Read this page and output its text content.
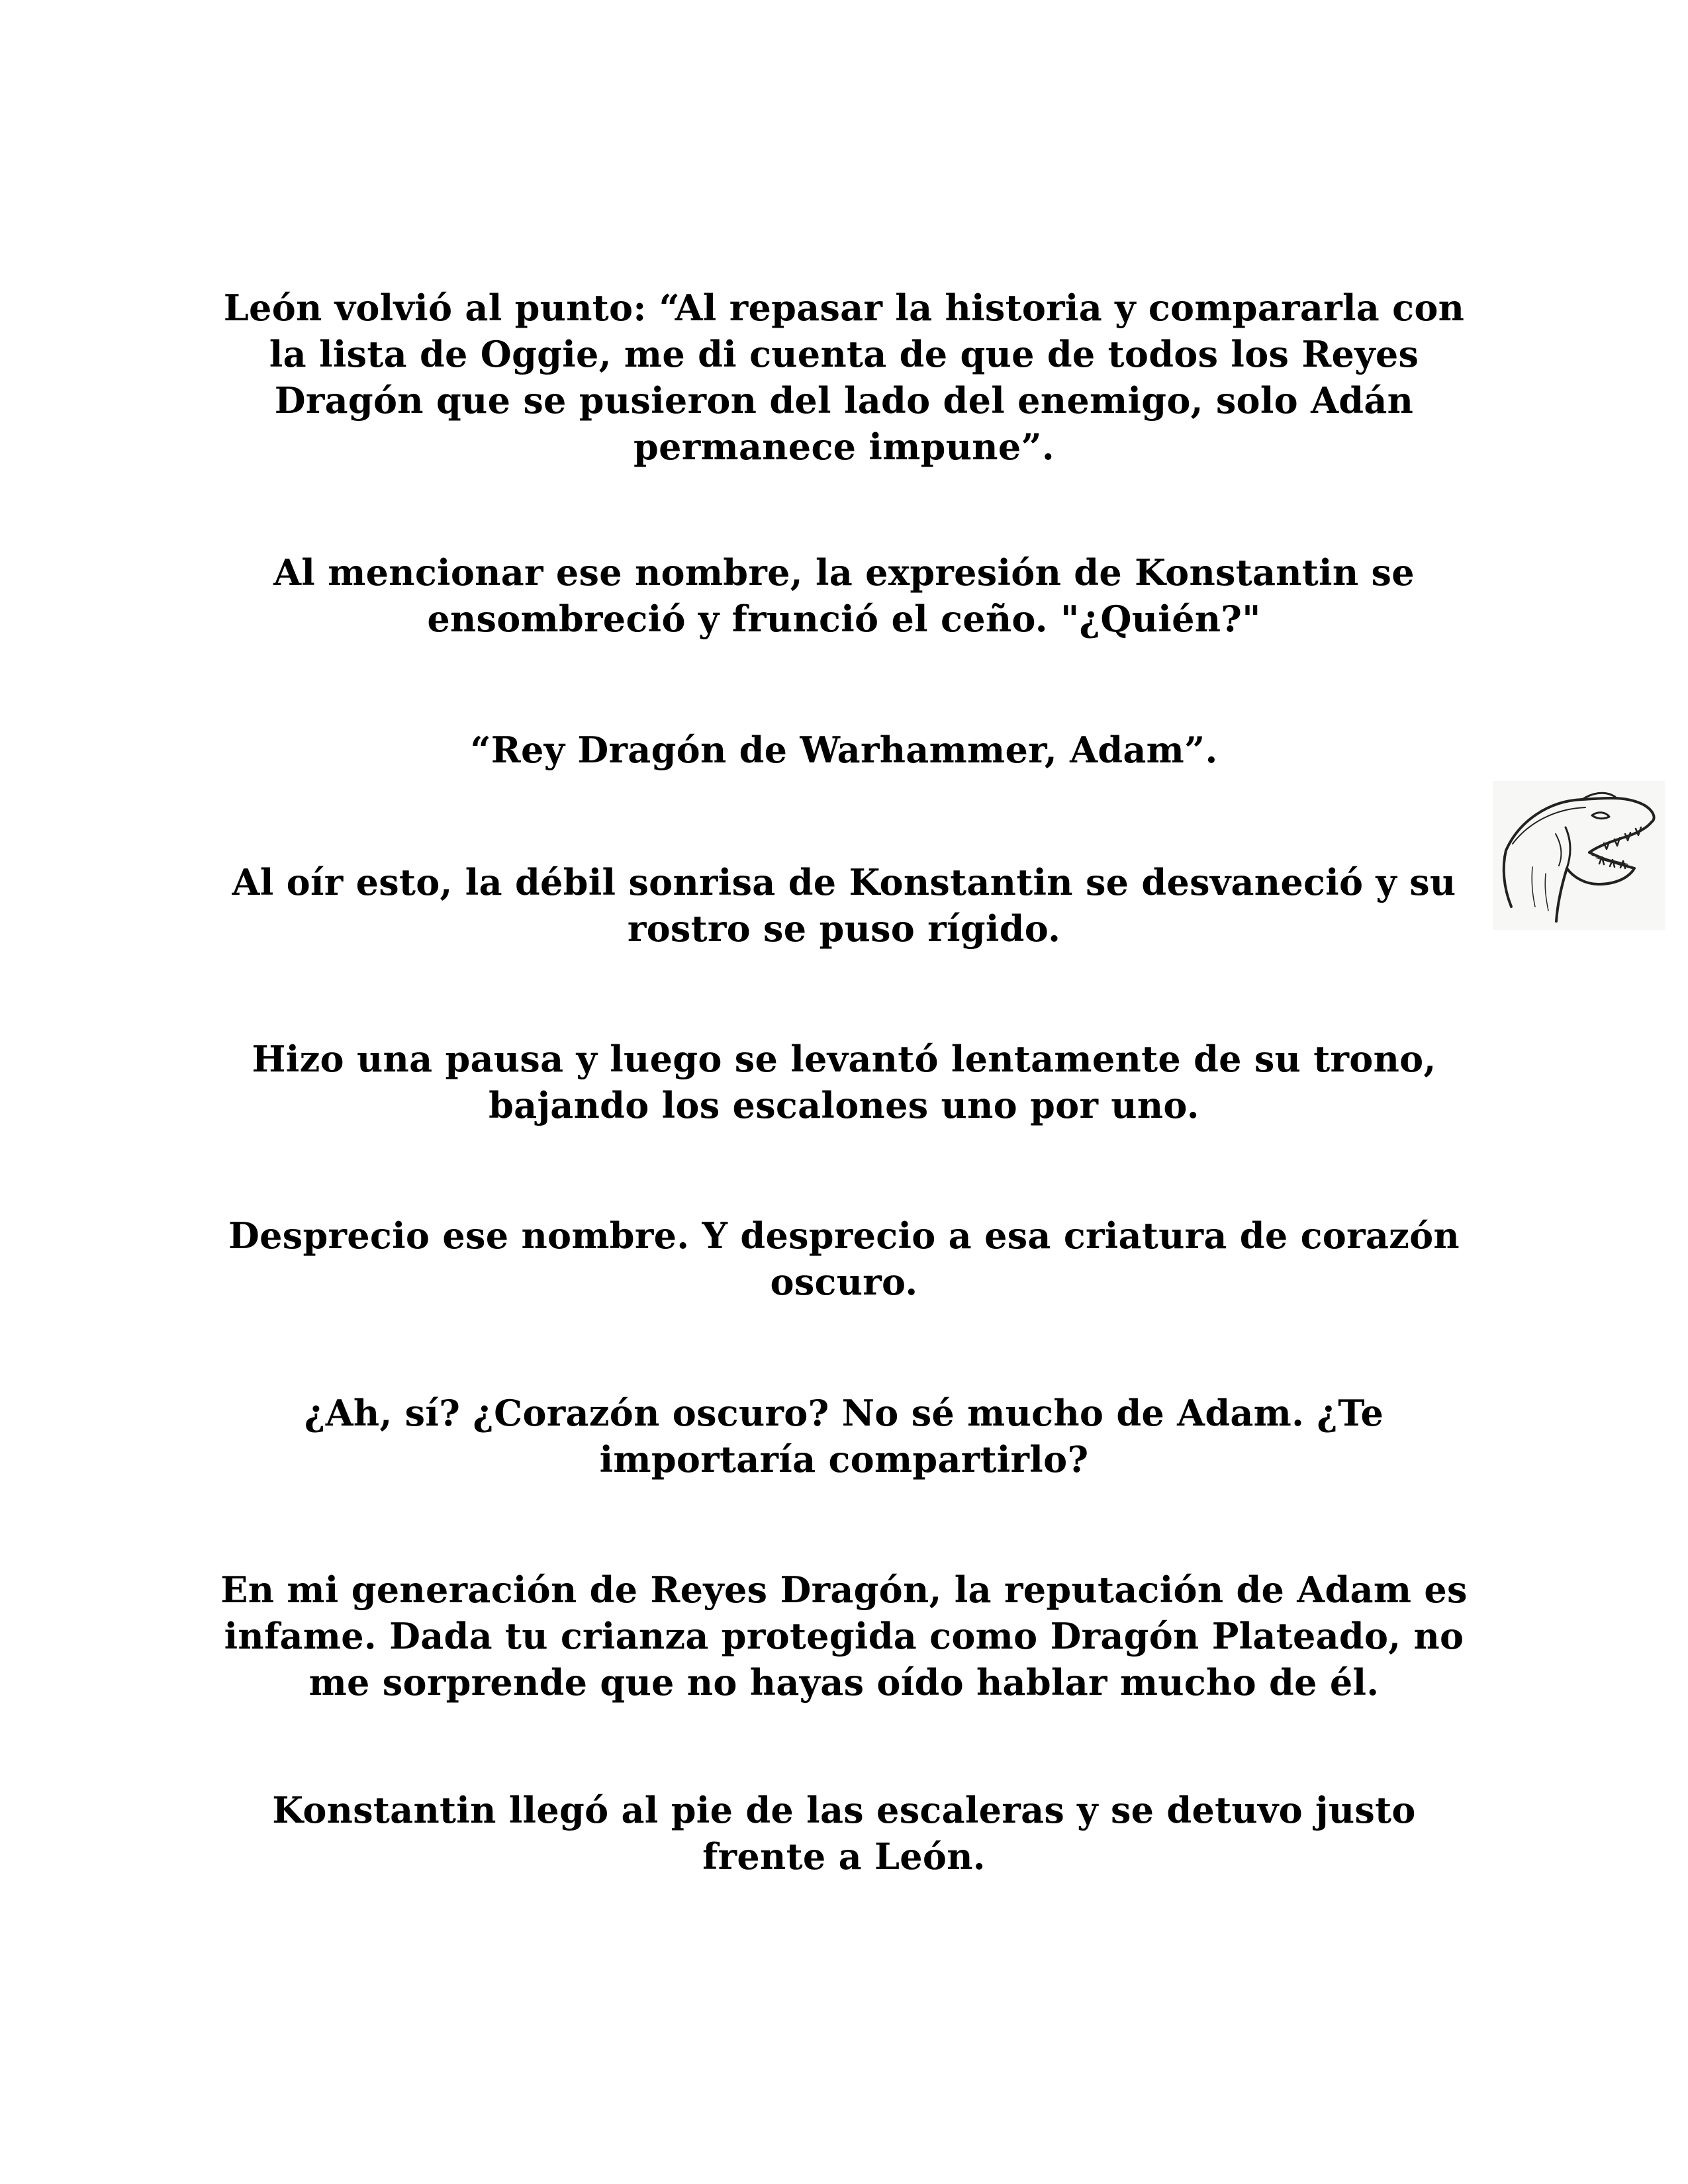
León volvió al punto: “Al repasar la historia y compararla con la lista de Oggie, me di cuenta de que de todos los Reyes Dragón que se pusieron del lado del enemigo, solo Adán permanece impune”.

Al mencionar ese nombre, la expresión de Konstantin se ensombreció y frunció el ceño. "¿Quién?"

“Rey Dragón de Warhammer, Adam”.

Al oír esto, la débil sonrisa de Konstantin se desvaneció y su rostro se puso rígido.

Hizo una pausa y luego se levantó lentamente de su trono, bajando los escalones uno por uno.

Desprecio ese nombre. Y desprecio a esa criatura de corazón oscuro.

¿Ah, sí? ¿Corazón oscuro? No sé mucho de Adam. ¿Te importaría compartirlo?

En mi generación de Reyes Dragón, la reputación de Adam es infame. Dada tu crianza protegida como Dragón Plateado, no me sorprende que no hayas oído hablar mucho de él.

Konstantin llegó al pie de las escaleras y se detuvo justo frente a León.
